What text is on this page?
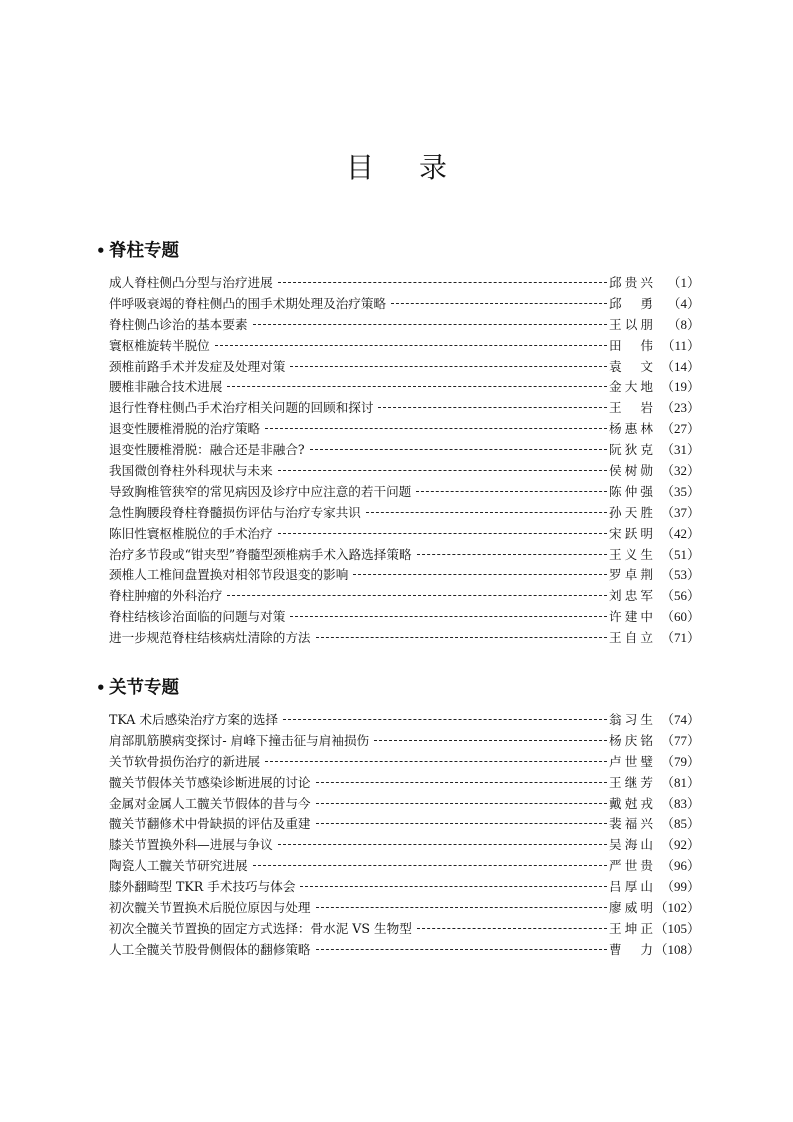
目 录
• 脊柱专题
成人脊柱侧凸分型与治疗进展	邱贵兴	（1）
伴呼吸衰竭的脊柱侧凸的围手术期处理及治疗策略	邱　勇	（4）
脊柱侧凸诊治的基本要素	王以朋	（8）
寰枢椎旋转半脱位	田　伟 （11）
颈椎前路手术并发症及处理对策	袁　文 （14）
腰椎非融合技术进展	金大地 （19）
退行性脊柱侧凸手术治疗相关问题的回顾和探讨	王　岩 （23）
退变性腰椎滑脱的治疗策略	杨惠林 （27）
退变性腰椎滑脱：融合还是非融合?	阮狄克 （31）
我国微创脊柱外科现状与未来	侯树勋 （32）
导致胸椎管狭窄的常见病因及诊疗中应注意的若干问题	陈仲强 （35）
急性胸腰段脊柱脊髓损伤评估与治疗专家共识	孙天胜 （37）
陈旧性寰枢椎脱位的手术治疗	宋跃明 （42）
治疗多节段或“钳夹型”脊髓型颈椎病手术入路选择策略	王义生 （51）
颈椎人工椎间盘置换对相邻节段退变的影响	罗卓荆 （53）
脊柱肿瘤的外科治疗	刘忠军 （56）
脊柱结核诊治面临的问题与对策	许建中 （60）
进一步规范脊柱结核病灶清除的方法	王自立 （71）
• 关节专题
TKA 术后感染治疗方案的选择	翁习生 （74）
肩部肌筋膜病变探讨- 肩峰下撞击征与肩袖损伤	杨庆铭 （77）
关节软骨损伤治疗的新进展	卢世璧 （79）
髋关节假体关节感染诊断进展的讨论	王继芳 （81）
金属对金属人工髋关节假体的昔与今	戴尅戎 （83）
髋关节翻修术中骨缺损的评估及重建	裴福兴 （85）
膝关节置换外科—进展与争议	吴海山 （92）
陶瓷人工髋关节研究进展	严世贵 （96）
膝外翻畸型 TKR 手术技巧与体会	吕厚山 （99）
初次髋关节置换术后脱位原因与处理	廖威明 （102）
初次全髋关节置换的固定方式选择：骨水泥 VS 生物型	王坤正 （105）
人工全髋关节股骨侧假体的翻修策略	曹　力 （108）
